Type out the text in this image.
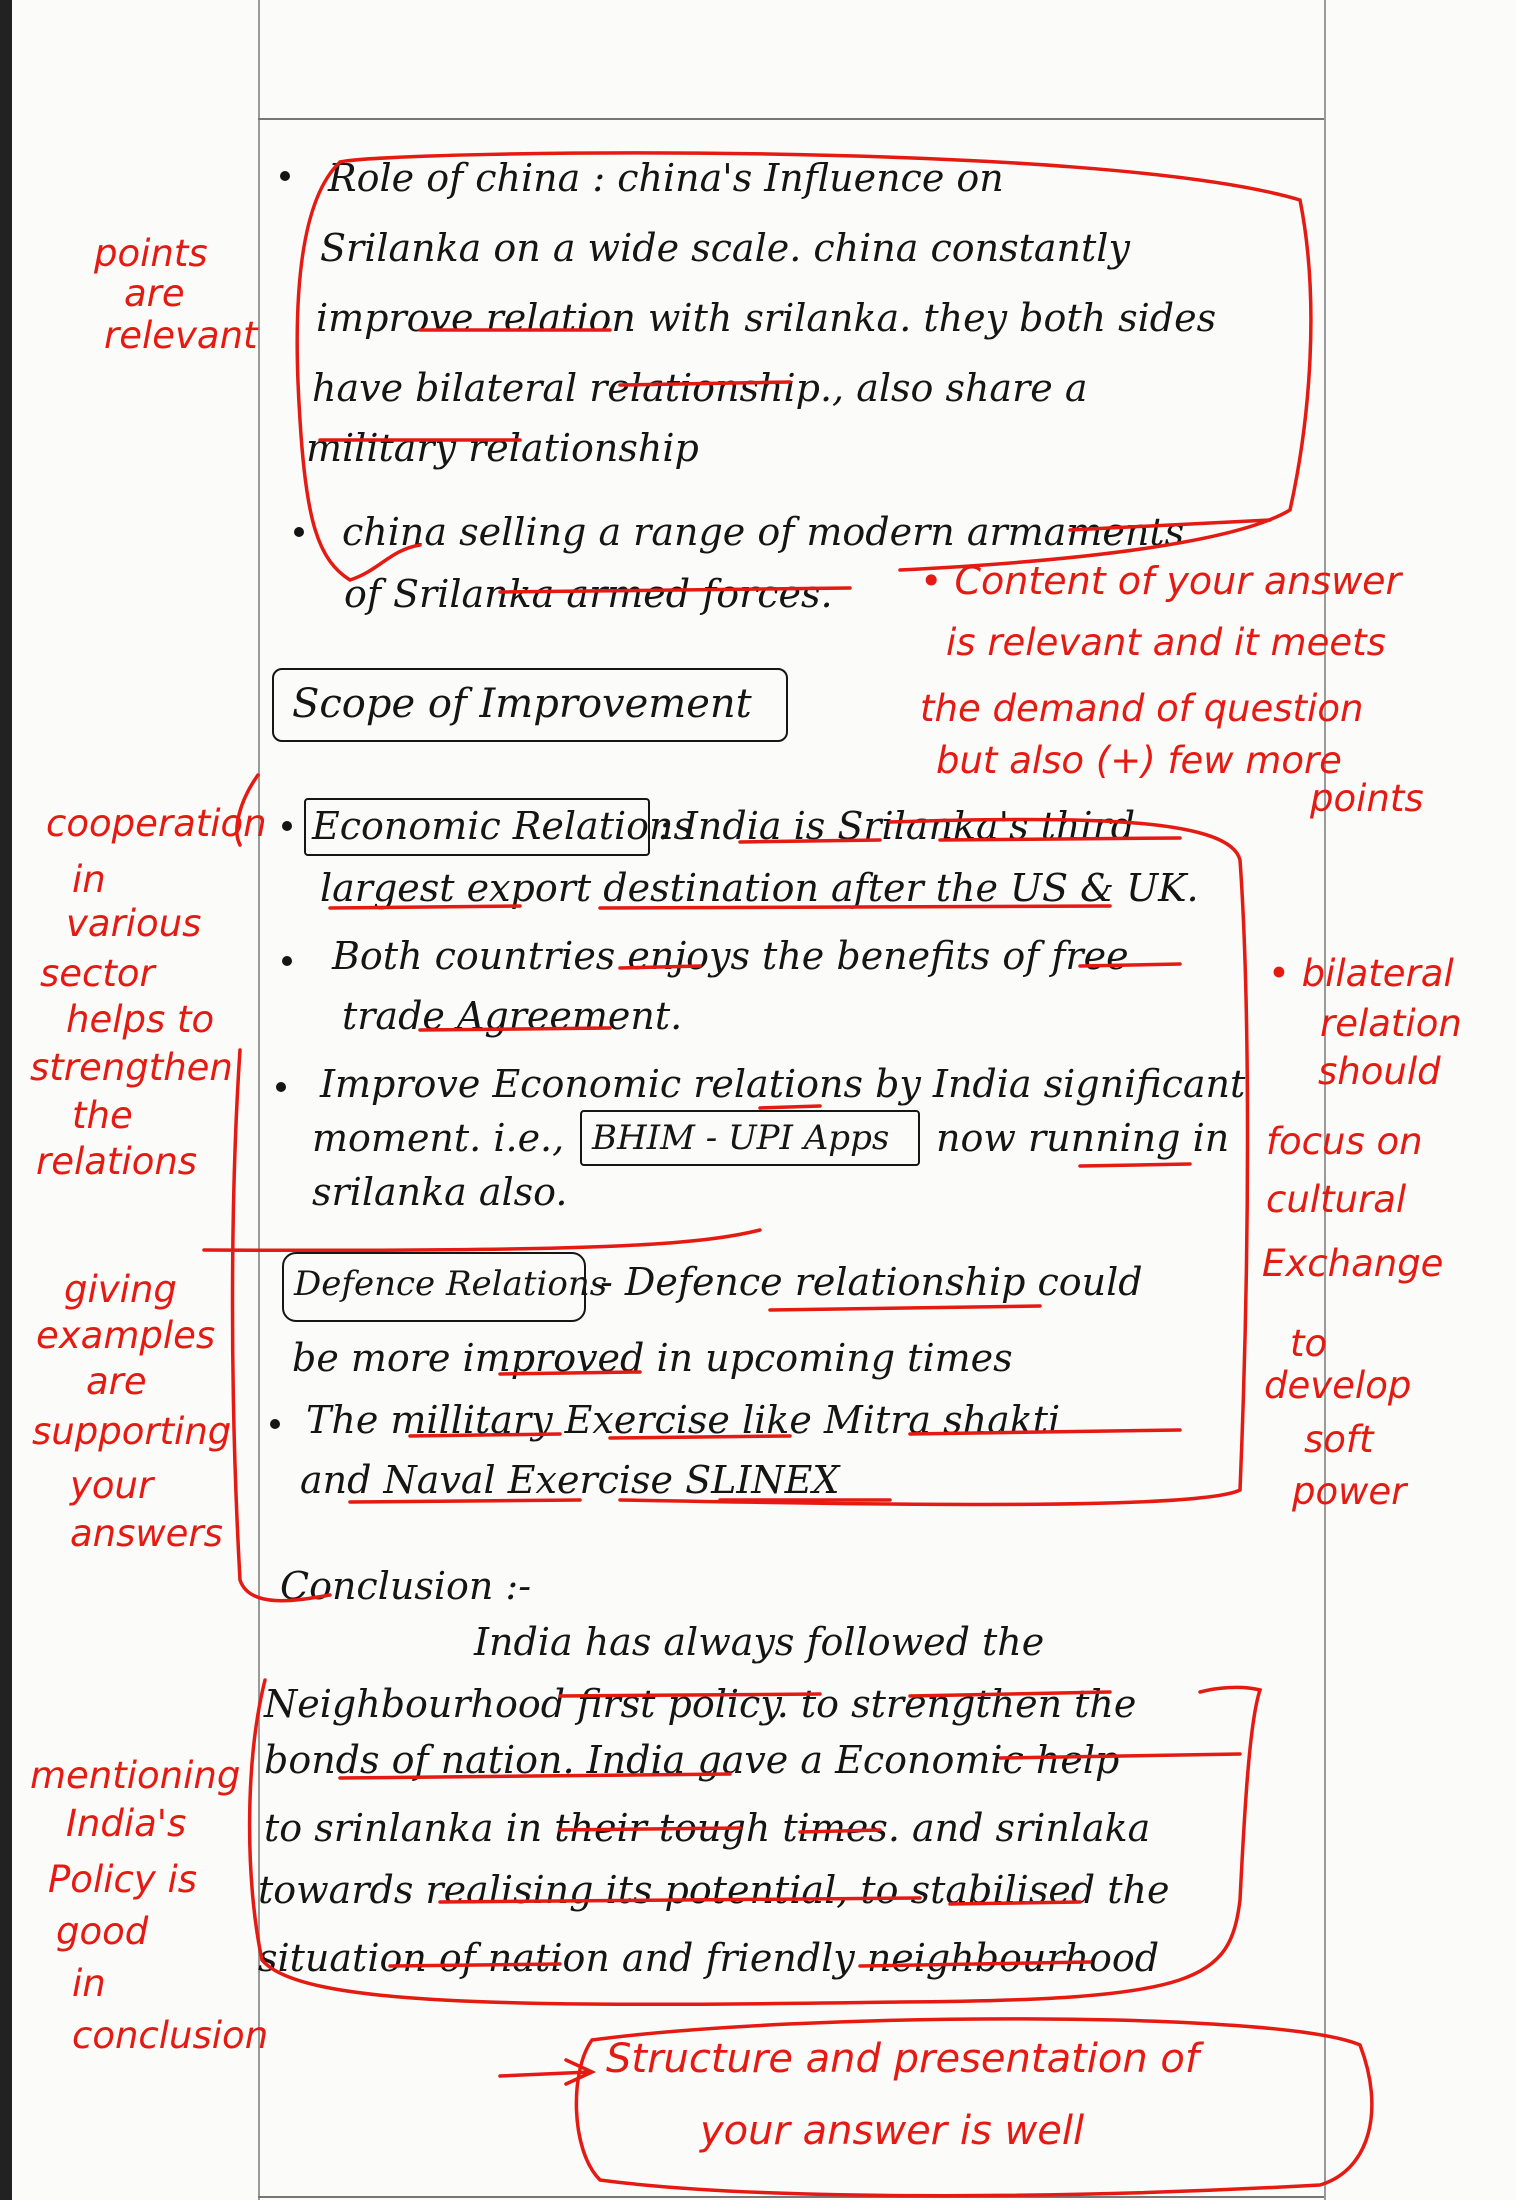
Role of china : china's Influence on
Srilanka on a wide scale. china constantly
improve relation with srilanka. they both sides
have bilateral relationship., also share a
military relationship
china selling a range of modern armaments
of Srilanka armed forces.
Scope of Improvement
Economic Relations
: India is Srilanka's third
largest export destination after the US & UK.
Both countries enjoys the benefits of free
trade Agreement.
Improve Economic relations by India significant
moment. i.e., BHIM - UPI Apps now running in
srilanka also.
Defence Relations
- Defence relationship could
be more improved in upcoming times
The millitary Exercise like Mitra shakti
and Naval Exercise SLINEX
Conclusion :-
India has always followed the
Neighbourhood first policy. to strengthen the
bonds of nation. India gave a Economic help
to srinlanka in their tough times. and srinlaka
towards realising its potential, to stabilised the
situation of nation and friendly neighbourhood
points
are
relevant
• Content of your answer
is relevant and it meets
the demand of question
but also (+) few more
points
cooperation
in
various
sector
helps to
strengthen
the
relations
• bilateral
relation
should
focus on
cultural
Exchange
to
develop
soft
power
giving
examples
are
supporting
your
answers
mentioning
India's
Policy is
good
in
conclusion
Structure and presentation of
your answer is well
